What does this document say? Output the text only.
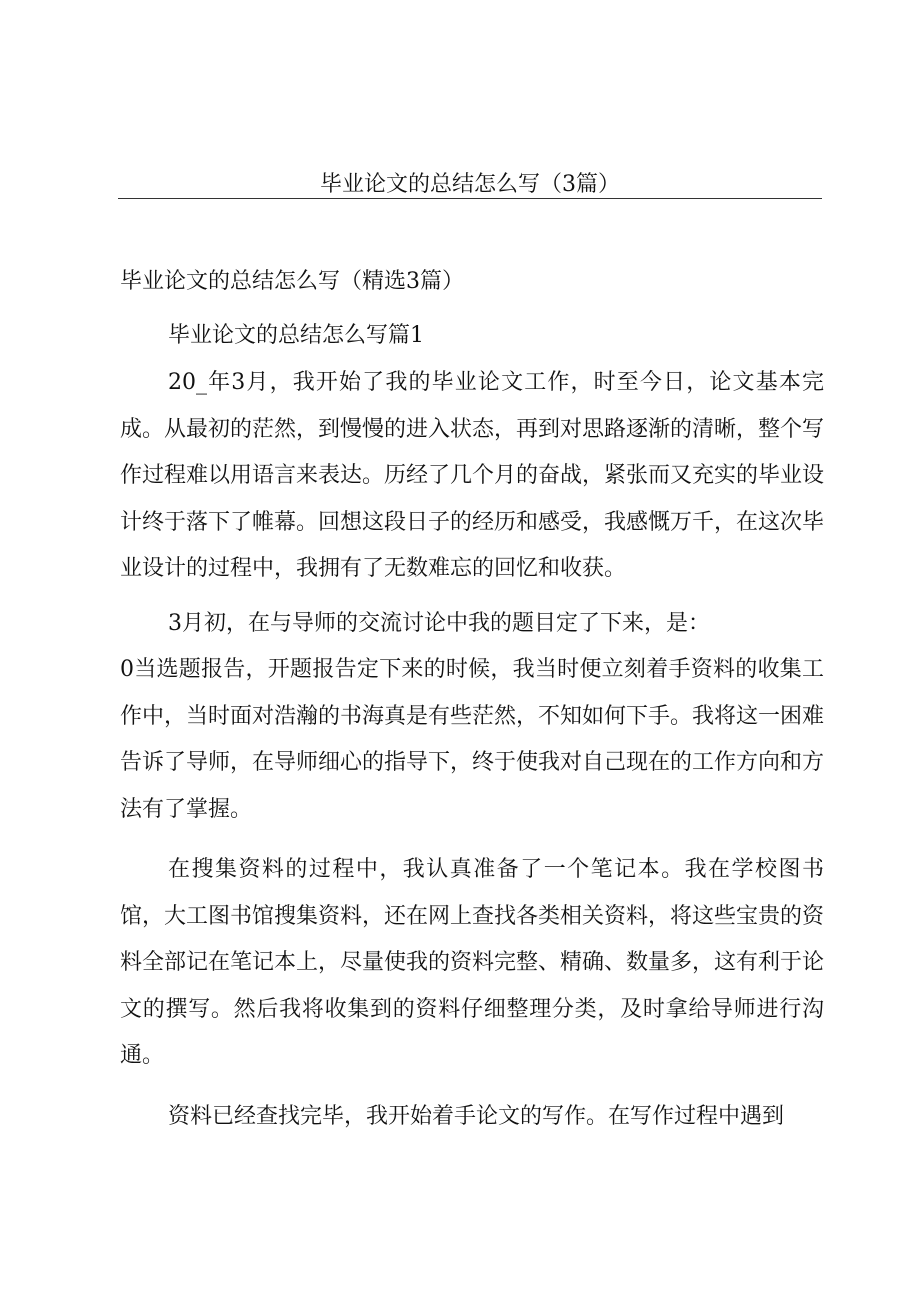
毕业论文的总结怎么写（3篇）

毕业论文的总结怎么写（精选3篇）

毕业论文的总结怎么写篇1

20_年3月，我开始了我的毕业论文工作，时至今日，论文基本完成。从最初的茫然，到慢慢的进入状态，再到对思路逐渐的清晰，整个写作过程难以用语言来表达。历经了几个月的奋战，紧张而又充实的毕业设计终于落下了帷幕。回想这段日子的经历和感受，我感慨万千，在这次毕业设计的过程中，我拥有了无数难忘的回忆和收获。

3月初，在与导师的交流讨论中我的题目定了下来，是：

0当选题报告，开题报告定下来的时候，我当时便立刻着手资料的收集工作中，当时面对浩瀚的书海真是有些茫然，不知如何下手。我将这一困难告诉了导师，在导师细心的指导下，终于使我对自己现在的工作方向和方法有了掌握。

在搜集资料的过程中，我认真准备了一个笔记本。我在学校图书馆，大工图书馆搜集资料，还在网上查找各类相关资料，将这些宝贵的资料全部记在笔记本上，尽量使我的资料完整、精确、数量多，这有利于论文的撰写。然后我将收集到的资料仔细整理分类，及时拿给导师进行沟通。

资料已经查找完毕，我开始着手论文的写作。在写作过程中遇到
